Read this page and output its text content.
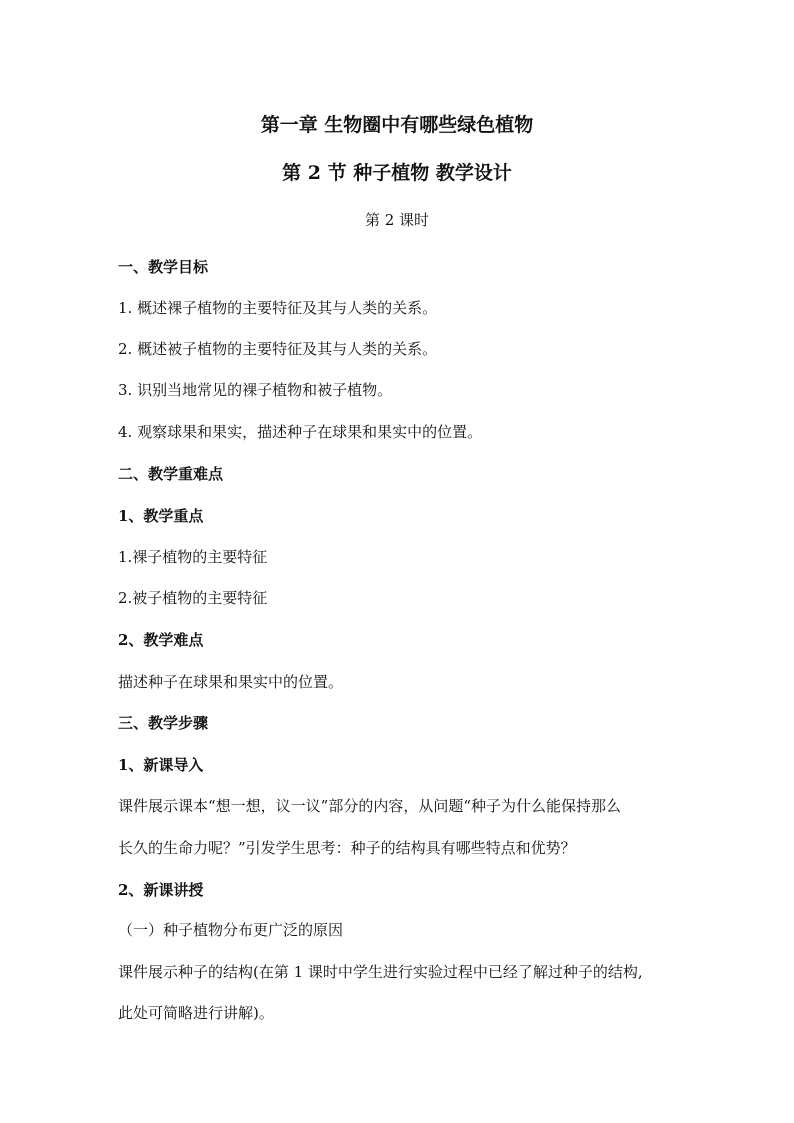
第一章 生物圈中有哪些绿色植物
第 2 节 种子植物 教学设计
第 2 课时
一、教学目标
1. 概述裸子植物的主要特征及其与人类的关系。
2. 概述被子植物的主要特征及其与人类的关系。
3. 识别当地常见的裸子植物和被子植物。
4. 观察球果和果实，描述种子在球果和果实中的位置。
二、教学重难点
1、教学重点
1.裸子植物的主要特征
2.被子植物的主要特征
2、教学难点
描述种子在球果和果实中的位置。
三、教学步骤
1、新课导入
课件展示课本“想一想，议一议”部分的内容，从问题“种子为什么能保持那么
长久的生命力呢？”引发学生思考：种子的结构具有哪些特点和优势？
2、新课讲授
（一）种子植物分布更广泛的原因
课件展示种子的结构(在第 1 课时中学生进行实验过程中已经了解过种子的结构,
此处可简略进行讲解)。
